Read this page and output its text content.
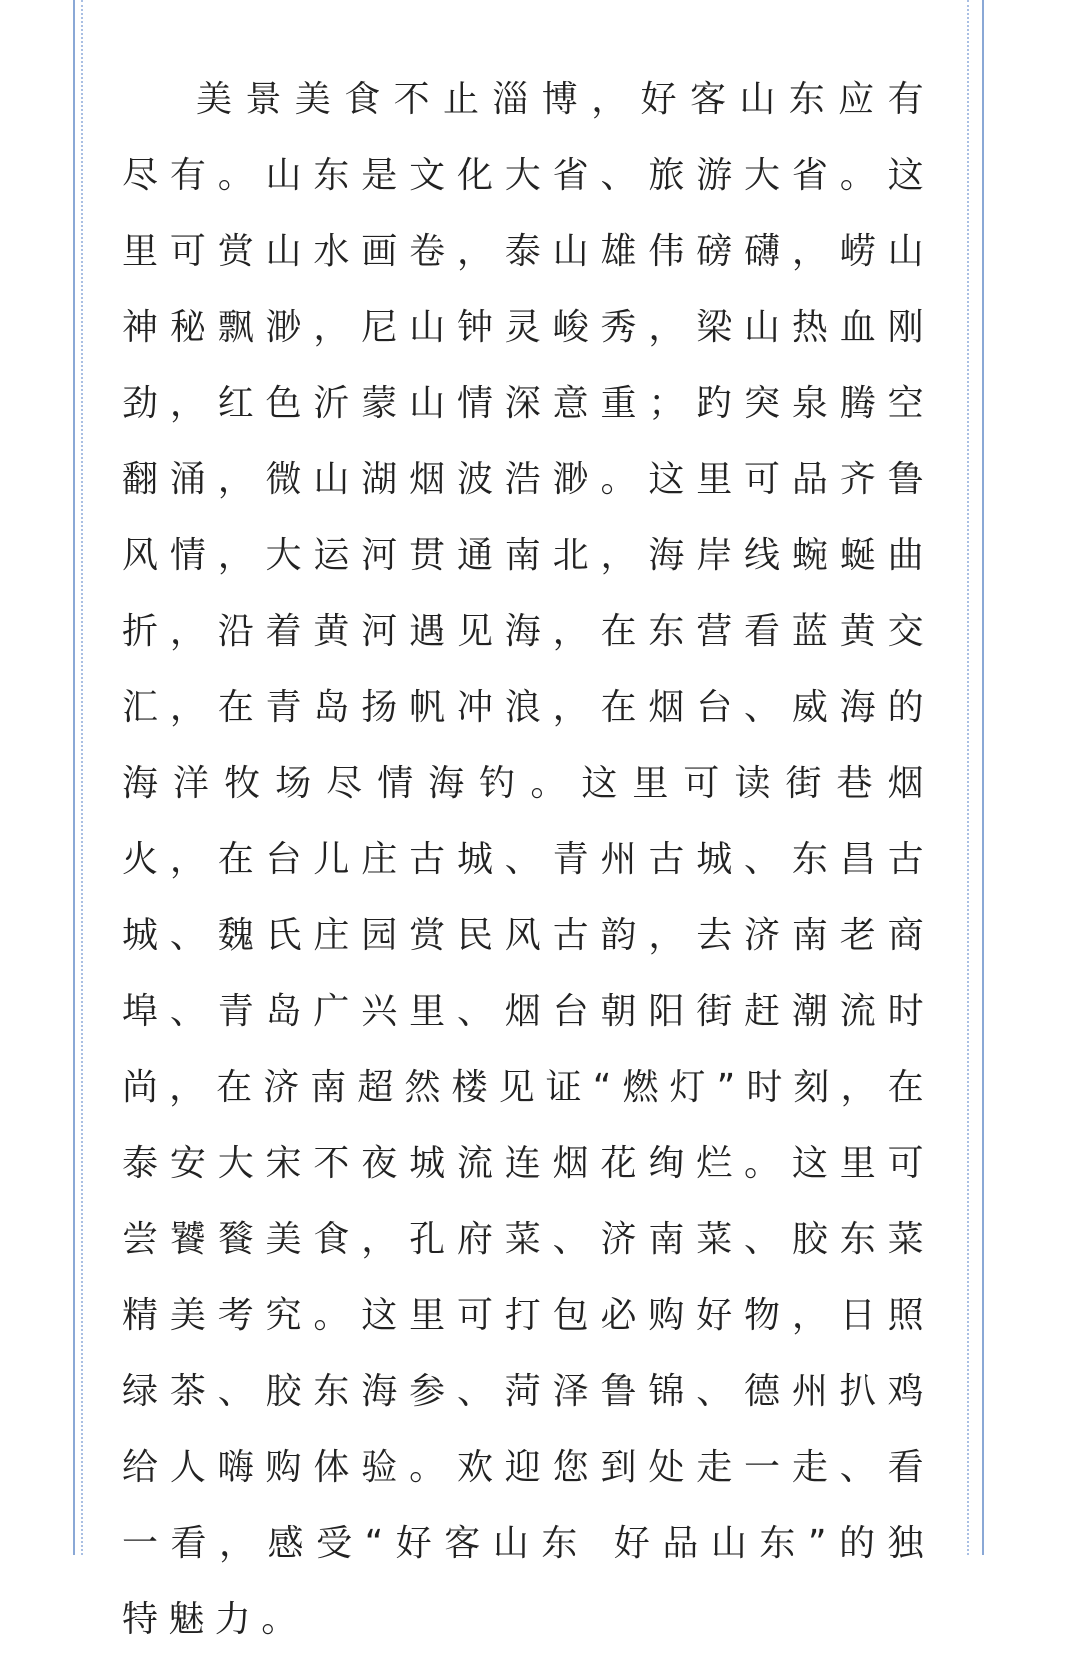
美景美食不止淄博，好客山东应有尽有。山东是文化大省、旅游大省。这里可赏山水画卷，泰山雄伟磅礴，崂山神秘飘渺，尼山钟灵峻秀，梁山热血刚劲，红色沂蒙山情深意重；趵突泉腾空翻涌，微山湖烟波浩渺。这里可品齐鲁风情，大运河贯通南北，海岸线蜿蜒曲折，沿着黄河遇见海，在东营看蓝黄交汇，在青岛扬帆冲浪，在烟台、威海的海洋牧场尽情海钓。这里可读街巷烟火，在台儿庄古城、青州古城、东昌古城、魏氏庄园赏民风古韵，去济南老商埠、青岛广兴里、烟台朝阳街赶潮流时尚，在济南超然楼见证“燃灯”时刻，在泰安大宋不夜城流连烟花绚烂。这里可尝饕餮美食，孔府菜、济南菜、胶东菜精美考究。这里可打包必购好物，日照绿茶、胶东海参、菏泽鲁锦、德州扒鸡给人嗨购体验。欢迎您到处走一走、看一看，感受“好客山东 好品山东”的独特魅力。
